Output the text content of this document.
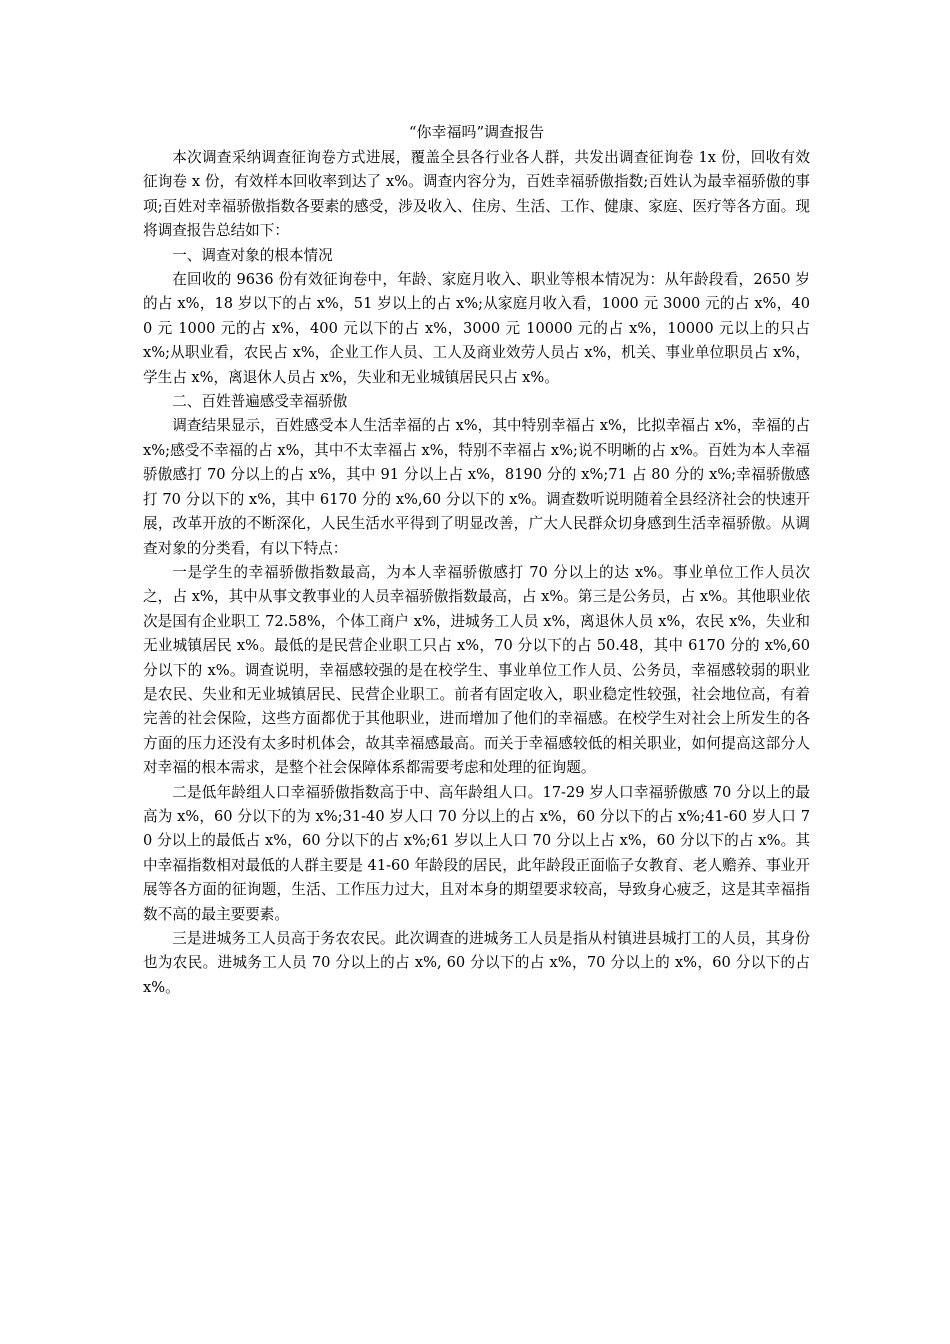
“你幸福吗”调查报告

本次调查采纳调查征询卷方式进展，覆盖全县各行业各人群，共发出调查征询卷 1x 份，回收有效征询卷 x 份，有效样本回收率到达了 x%。调查内容分为，百姓幸福骄傲指数;百姓认为最幸福骄傲的事项;百姓对幸福骄傲指数各要素的感受，涉及收入、住房、生活、工作、健康、家庭、医疗等各方面。现将调查报告总结如下：

一、调查对象的根本情况

在回收的 9636 份有效征询卷中，年龄、家庭月收入、职业等根本情况为：从年龄段看，2650 岁的占 x%，18 岁以下的占 x%，51 岁以上的占 x%;从家庭月收入看，1000 元 3000 元的占 x%，400 元 1000 元的占 x%，400 元以下的占 x%，3000 元 10000 元的占 x%，10000 元以上的只占 x%;从职业看，农民占 x%，企业工作人员、工人及商业效劳人员占 x%，机关、事业单位职员占 x%，学生占 x%，离退休人员占 x%，失业和无业城镇居民只占 x%。

二、百姓普遍感受幸福骄傲

调查结果显示，百姓感受本人生活幸福的占 x%，其中特别幸福占 x%，比拟幸福占 x%，幸福的占 x%;感受不幸福的占 x%，其中不太幸福占 x%，特别不幸福占 x%;说不明晰的占 x%。百姓为本人幸福骄傲感打 70 分以上的占 x%，其中 91 分以上占 x%，8190 分的 x%;71 占 80 分的 x%;幸福骄傲感打 70 分以下的 x%，其中 6170 分的 x%,60 分以下的 x%。调查数听说明随着全县经济社会的快速开展，改革开放的不断深化，人民生活水平得到了明显改善，广大人民群众切身感到生活幸福骄傲。从调查对象的分类看，有以下特点：

一是学生的幸福骄傲指数最高，为本人幸福骄傲感打 70 分以上的达 x%。事业单位工作人员次之，占 x%，其中从事文教事业的人员幸福骄傲指数最高，占 x%。第三是公务员，占 x%。其他职业依次是国有企业职工 72.58%，个体工商户 x%，进城务工人员 x%，离退休人员 x%，农民 x%，失业和无业城镇居民 x%。最低的是民营企业职工只占 x%，70 分以下的占 50.48，其中 6170 分的 x%,60 分以下的 x%。调查说明，幸福感较强的是在校学生、事业单位工作人员、公务员，幸福感较弱的职业是农民、失业和无业城镇居民、民营企业职工。前者有固定收入，职业稳定性较强，社会地位高，有着完善的社会保险，这些方面都优于其他职业，进而增加了他们的幸福感。在校学生对社会上所发生的各方面的压力还没有太多时机体会，故其幸福感最高。而关于幸福感较低的相关职业，如何提高这部分人对幸福的根本需求，是整个社会保障体系都需要考虑和处理的征询题。

二是低年龄组人口幸福骄傲指数高于中、高年龄组人口。17-29 岁人口幸福骄傲感 70 分以上的最高为 x%，60 分以下的为 x%;31-40 岁人口 70 分以上的占 x%，60 分以下的占 x%;41-60 岁人口 70 分以上的最低占 x%，60 分以下的占 x%;61 岁以上人口 70 分以上占 x%，60 分以下的占 x%。其中幸福指数相对最低的人群主要是 41-60 年龄段的居民，此年龄段正面临子女教育、老人赡养、事业开展等各方面的征询题，生活、工作压力过大，且对本身的期望要求较高，导致身心疲乏，这是其幸福指数不高的最主要要素。

三是进城务工人员高于务农农民。此次调查的进城务工人员是指从村镇进县城打工的人员，其身份也为农民。进城务工人员 70 分以上的占 x%, 60 分以下的占 x%，70 分以上的 x%，60 分以下的占 x%。
